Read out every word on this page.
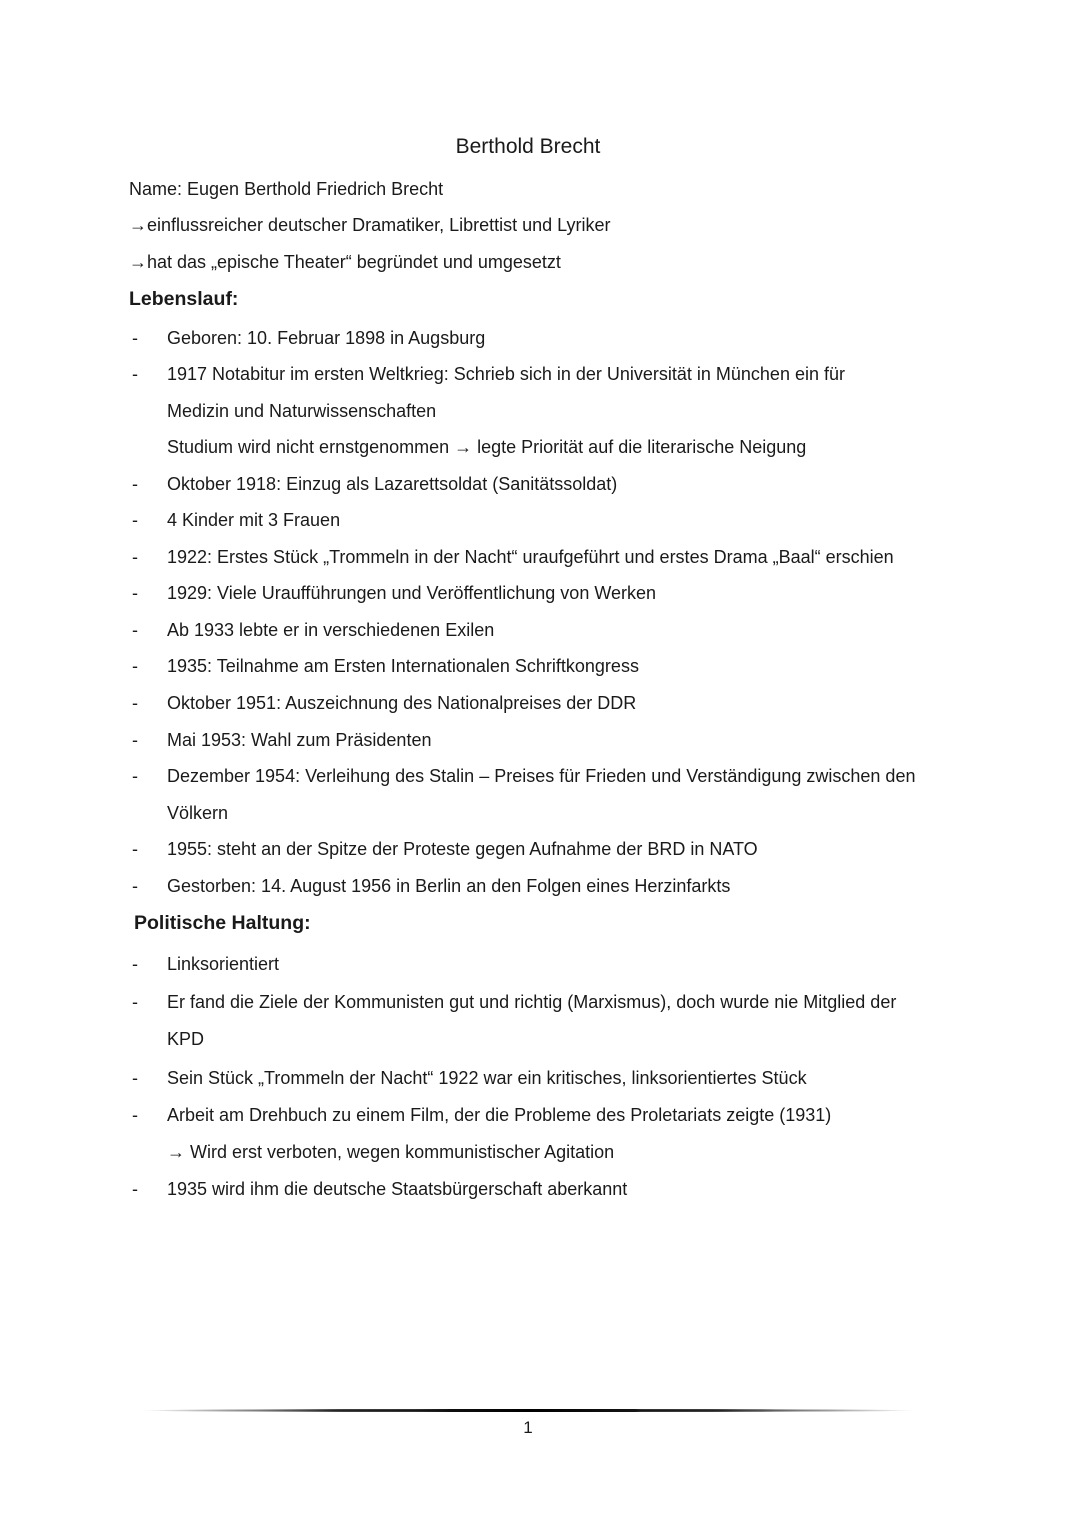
Berthold Brecht
Name: Eugen Berthold Friedrich Brecht
→einflussreicher deutscher Dramatiker, Librettist und Lyriker
→hat das „epische Theater“ begründet und umgesetzt
Lebenslauf:
- Geboren: 10. Februar 1898 in Augsburg
- 1917 Notabitur im ersten Weltkrieg: Schrieb sich in der Universität in München ein für
Medizin und Naturwissenschaften
Studium wird nicht ernstgenommen → legte Priorität auf die literarische Neigung
- Oktober 1918: Einzug als Lazarettsoldat (Sanitätssoldat)
- 4 Kinder mit 3 Frauen
- 1922: Erstes Stück „Trommeln in der Nacht“ uraufgeführt und erstes Drama „Baal“ erschien
- 1929: Viele Uraufführungen und Veröffentlichung von Werken
- Ab 1933 lebte er in verschiedenen Exilen
- 1935: Teilnahme am Ersten Internationalen Schriftkongress
- Oktober 1951: Auszeichnung des Nationalpreises der DDR
- Mai 1953: Wahl zum Präsidenten
- Dezember 1954: Verleihung des Stalin – Preises für Frieden und Verständigung zwischen den
Völkern
- 1955: steht an der Spitze der Proteste gegen Aufnahme der BRD in NATO
- Gestorben: 14. August 1956 in Berlin an den Folgen eines Herzinfarkts
Politische Haltung:
- Linksorientiert
- Er fand die Ziele der Kommunisten gut und richtig (Marxismus), doch wurde nie Mitglied der
KPD
- Sein Stück „Trommeln der Nacht“ 1922 war ein kritisches, linksorientiertes Stück
- Arbeit am Drehbuch zu einem Film, der die Probleme des Proletariats zeigte (1931)
→ Wird erst verboten, wegen kommunistischer Agitation
- 1935 wird ihm die deutsche Staatsbürgerschaft aberkannt
1
